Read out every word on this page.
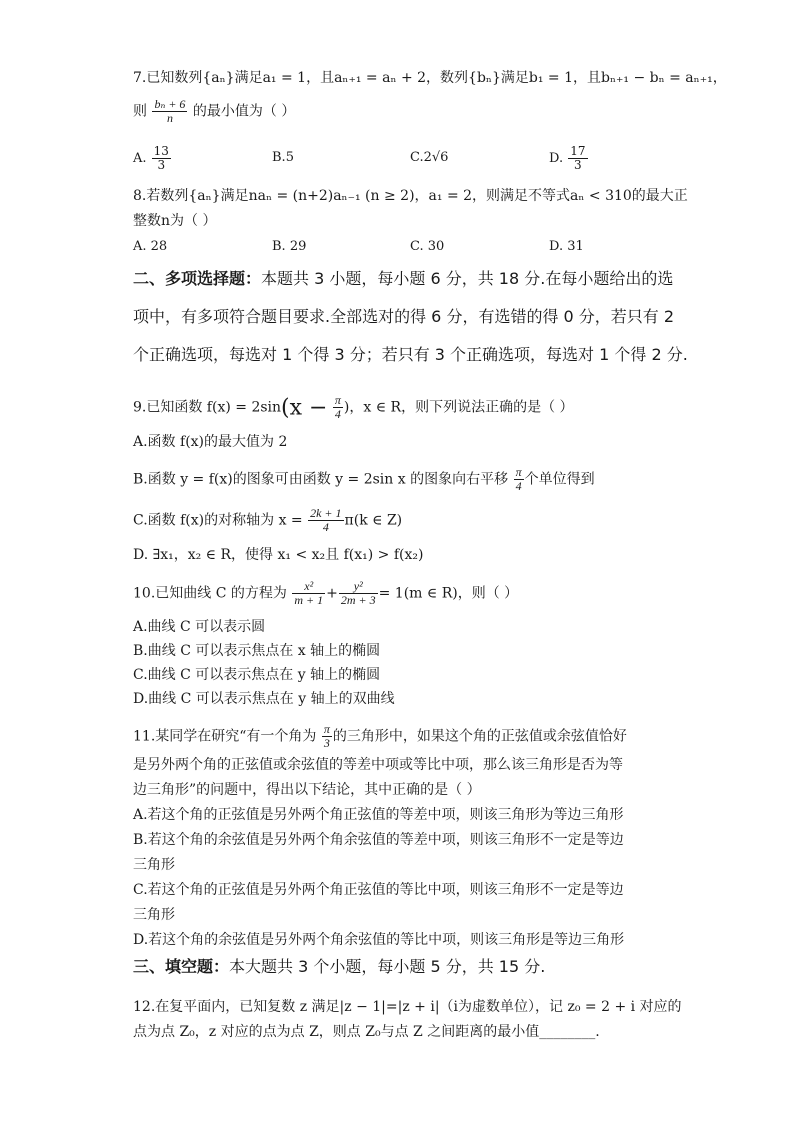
7.已知数列{aₙ}满足a₁ = 1，且aₙ₊₁ = aₙ + 2，数列{bₙ}满足b₁ = 1，且bₙ₊₁ − bₙ = aₙ₊₁，
则 $\frac{\text{bₙ + 6}}{n}$ 的最小值为（ ）
A. $\frac{13}{3}$	B.5	C.2√6	D. $\frac{17}{3}$
8.若数列{aₙ}满足naₙ = (n+2)aₙ₋₁ (n ≥ 2)，a₁ = 2，则满足不等式aₙ < 310的最大正
整数n为（ ）
A. 28	B. 29	C. 30	D. 31
二、多项选择题：本题共 3 小题，每小题 6 分，共 18 分.在每小题给出的选
项中，有多项符合题目要求.全部选对的得 6 分，有选错的得 0 分，若只有 2
个正确选项，每选对 1 个得 3 分；若只有 3 个正确选项，每选对 1 个得 2 分.
9.已知函数 $f(x) = 2\sin(x - \frac{\pi}{4}$ )，x ∈ R，则下列说法正确的是（ ）
A.函数 f(x)的最大值为 2
B.函数 y = f(x)的图象可由函数 y = 2sin x 的图象向右平移 $\frac{\pi}{4}$ 个单位得到
C.函数 f(x)的对称轴为 $x = \frac{2k + 1}{4} \pi(k$ ∈ Z)
D. ∃x₁，x₂ ∈ R，使得 x₁ < x₂且 f(x₁) > f(x₂)
10.已知曲线 C 的方程为 $\frac{\text{x²}}{m + 1} + \frac{\text{y²}}{2m + 3} = 1(m$ ∈ R)，则（ ）
A.曲线 C 可以表示圆
B.曲线 C 可以表示焦点在 x 轴上的椭圆
C.曲线 C 可以表示焦点在 y 轴上的椭圆
D.曲线 C 可以表示焦点在 y 轴上的双曲线
11.某同学在研究“有一个角为 $\frac{\pi}{3}$ 的三角形中，如果这个角的正弦值或余弦值恰好
是另外两个角的正弦值或余弦值的等差中项或等比中项，那么该三角形是否为等
边三角形”的问题中，得出以下结论，其中正确的是（ ）
A.若这个角的正弦值是另外两个角正弦值的等差中项，则该三角形为等边三角形
B.若这个角的余弦值是另外两个角余弦值的等差中项，则该三角形不一定是等边
三角形
C.若这个角的正弦值是另外两个角正弦值的等比中项，则该三角形不一定是等边
三角形
D.若这个角的余弦值是另外两个角余弦值的等比中项，则该三角形是等边三角形
三、填空题：本大题共 3 个小题，每小题 5 分，共 15 分.
12.在复平面内，已知复数 z 满足|z − 1|=|z + i|（i为虚数单位），记 z₀ = 2 + i 对应的
点为点 Z₀，z 对应的点为点 Z，则点 Z₀与点 Z 之间距离的最小值________.
